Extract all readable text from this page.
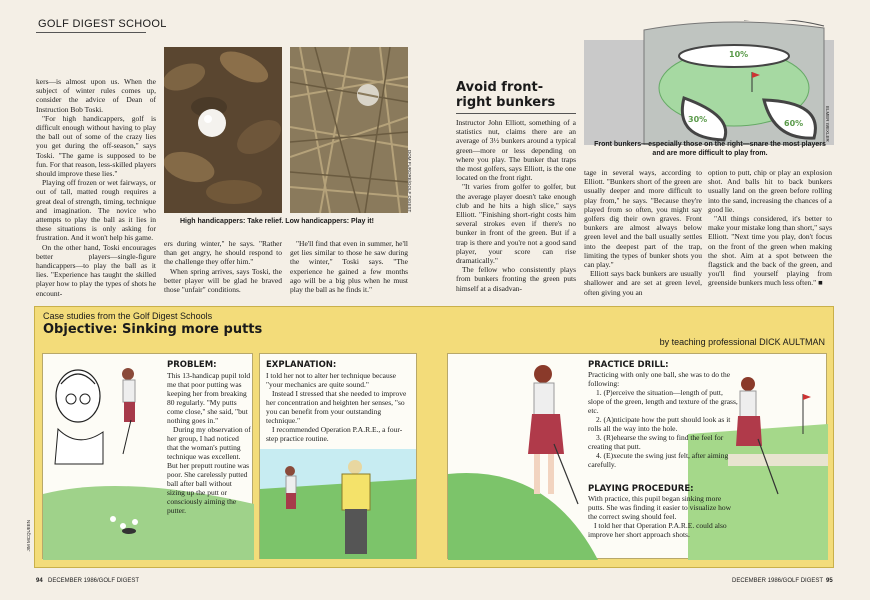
GOLF DIGEST SCHOOL

kers—is almost upon us. When the subject of winter rules comes up, consider the advice of Dean of Instruction Bob Toski.

"For high handicappers, golf is difficult enough without having to play the ball out of some of the crazy lies you get during the off-season," says Toski. "The game is supposed to be fun. For that reason, less-skilled players should improve these lies."

Playing off frozen or wet fairways, or out of tall, matted rough requires a great deal of strength, timing, technique and imagination. The novice who attempts to play the ball as it lies in these situations is only asking for frustration. And it won't help his game.

On the other hand, Toski encourages better players—single-figure handicappers—to play the ball as it lies. "Experience has taught the skilled player how to play the types of shots he encount-

DOM FURORE/GOLF DIGEST
High handicappers: Take relief. Low handicappers: Play it!

ers during winter," he says. "Rather than get angry, he should respond to the challenge they offer him."

When spring arrives, says Toski, the better player will be glad he braved those "unfair" conditions.

"He'll find that even in summer, he'll get lies similar to those he saw during the winter," Toski says. "The experience he gained a few months ago will be a big plus when he must play the ball as he finds it."

Avoid front-right bunkers

Instructor John Elliott, something of a statistics nut, claims there are an average of 3½ bunkers around a typical green—more or less depending on where you play. The bunker that traps the most golfers, says Elliott, is the one located on the front right.

"It varies from golfer to golfer, but the average player doesn't take enough club and he hits a high slice," says Elliott. "Finishing short-right costs him several strokes even if there's no bunker in front of the green. But if a trap is there and you're not a good sand player, your score can rise dramatically."

The fellow who consistently plays from bunkers fronting the green puts himself at a disadvan-

tage in several ways, according to Elliott. "Bunkers short of the green are usually deeper and more difficult to play from," he says. "Because they're played from so often, you might say golfers dig their own graves. Front bunkers are almost always below green level and the ball usually settles into the deepest part of the trap, limiting the types of bunker shots you can play."

Elliott says back bunkers are usually shallower and are set at green level, often giving you an

option to putt, chip or play an explosion shot. And balls hit to back bunkers usually land on the green before rolling into the sand, increasing the chances of a good lie.

"All things considered, it's better to make your mistake long than short," says Elliott. "Next time you play, don't focus on the front of the green when making the shot. Aim at a spot between the flagstick and the back of the green, and you'll find yourself playing from greenside bunkers much less often." ■

10%
30%	60%	ELMER WEXLER
Front bunkers—especially those on the right—snare the most players and are more difficult to play from.
Case studies from the Golf Digest Schools
Objective: Sinking more putts
by teaching professional DICK AULTMAN
PROBLEM:

This 13-handicap pupil told me that poor putting was keeping her from breaking 80 regularly. "My putts come close," she said, "but nothing goes in."

During my observation of her group, I had noticed that the woman's putting technique was excellent. But her preputt routine was poor. She carelessly putted ball after ball without sizing up the putt or consciously aiming the putter.

EXPLANATION:

I told her not to alter her technique because "your mechanics are quite sound."

Instead I stressed that she needed to improve her concentration and heighten her senses, "so you can benefit from your outstanding technique."

I recommended Operation P.A.R.E., a four-step practice routine.

PRACTICE DRILL:

Practicing with only one ball, she was to do the following:

1. (P)erceive the situation—length of putt, slope of the green, length and texture of the grass, etc.

2. (A)nticipate how the putt should look as it rolls all the way into the hole.

3. (R)ehearse the swing to find the feel for creating that putt.

4. (E)xecute the swing just felt, after aiming carefully.

PLAYING PROCEDURE:

With practice, this pupil began sinking more putts. She was finding it easier to visualize how the correct swing should feel.

I told her that Operation P.A.R.E. could also improve her short approach shots.

JIM MCQUEEN
94 DECEMBER 1986/GOLF DIGEST	DECEMBER 1986/GOLF DIGEST 95
